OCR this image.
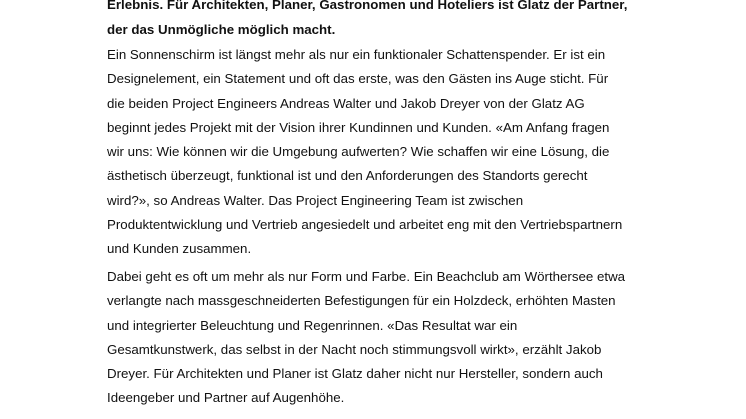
Erlebnis. Für Architekten, Planer, Gastronomen und Hoteliers ist Glatz der Partner,
der das Unmögliche möglich macht.

Ein Sonnenschirm ist längst mehr als nur ein funktionaler Schattenspender. Er ist ein
Designelement, ein Statement und oft das erste, was den Gästen ins Auge sticht. Für
die beiden Project Engineers Andreas Walter und Jakob Dreyer von der Glatz AG
beginnt jedes Projekt mit der Vision ihrer Kundinnen und Kunden. «Am Anfang fragen
wir uns: Wie können wir die Umgebung aufwerten? Wie schaffen wir eine Lösung, die
ästhetisch überzeugt, funktional ist und den Anforderungen des Standorts gerecht
wird?», so Andreas Walter. Das Project Engineering Team ist zwischen
Produktentwicklung und Vertrieb angesiedelt und arbeitet eng mit den Vertriebspartnern
und Kunden zusammen.

Dabei geht es oft um mehr als nur Form und Farbe. Ein Beachclub am Wörthersee etwa
verlangte nach massgeschneiderten Befestigungen für ein Holzdeck, erhöhten Masten
und integrierter Beleuchtung und Regenrinnen. «Das Resultat war ein
Gesamtkunstwerk, das selbst in der Nacht noch stimmungsvoll wirkt», erzählt Jakob
Dreyer. Für Architekten und Planer ist Glatz daher nicht nur Hersteller, sondern auch
Ideengeber und Partner auf Augenhöhe.
